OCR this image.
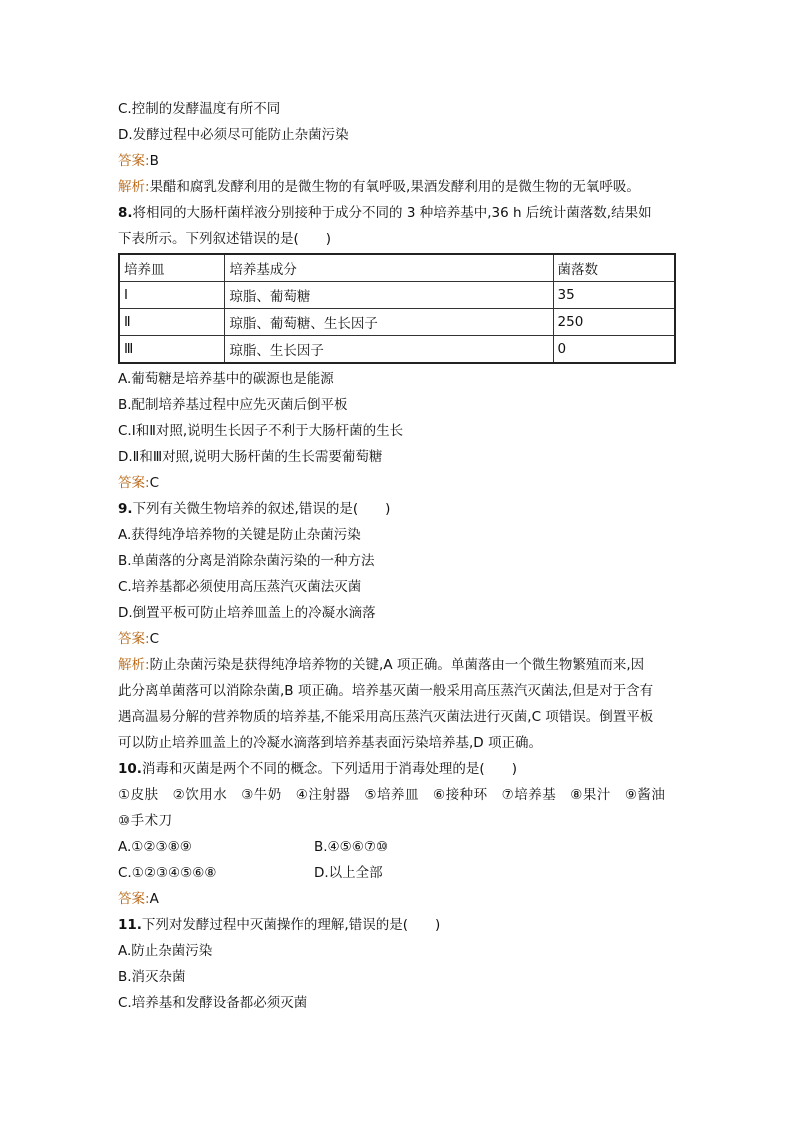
C.控制的发酵温度有所不同
D.发酵过程中必须尽可能防止杂菌污染
答案:B
解析:果醋和腐乳发酵利用的是微生物的有氧呼吸,果酒发酵利用的是微生物的无氧呼吸。
8.将相同的大肠杆菌样液分别接种于成分不同的 3 种培养基中,36 h 后统计菌落数,结果如
下表所示。下列叙述错误的是(　　)
培养皿	培养基成分	菌落数
Ⅰ	琼脂、葡萄糖	35
Ⅱ	琼脂、葡萄糖、生长因子	250
Ⅲ	琼脂、生长因子	0
A.葡萄糖是培养基中的碳源也是能源
B.配制培养基过程中应先灭菌后倒平板
C.Ⅰ和Ⅱ对照,说明生长因子不利于大肠杆菌的生长
D.Ⅱ和Ⅲ对照,说明大肠杆菌的生长需要葡萄糖
答案:C
9.下列有关微生物培养的叙述,错误的是(　　)
A.获得纯净培养物的关键是防止杂菌污染
B.单菌落的分离是消除杂菌污染的一种方法
C.培养基都必须使用高压蒸汽灭菌法灭菌
D.倒置平板可防止培养皿盖上的冷凝水滴落
答案:C
解析:防止杂菌污染是获得纯净培养物的关键,A 项正确。单菌落由一个微生物繁殖而来,因
此分离单菌落可以消除杂菌,B 项正确。培养基灭菌一般采用高压蒸汽灭菌法,但是对于含有
遇高温易分解的营养物质的培养基,不能采用高压蒸汽灭菌法进行灭菌,C 项错误。倒置平板
可以防止培养皿盖上的冷凝水滴落到培养基表面污染培养基,D 项正确。
10.消毒和灭菌是两个不同的概念。下列适用于消毒处理的是(　　)
①皮肤　②饮用水　③牛奶　④注射器　⑤培养皿　⑥接种环　⑦培养基　⑧果汁　⑨酱油
⑩手术刀
A.①②③⑧⑨	B.④⑤⑥⑦⑩
C.①②③④⑤⑥⑧	D.以上全部
答案:A
11.下列对发酵过程中灭菌操作的理解,错误的是(　　)
A.防止杂菌污染
B.消灭杂菌
C.培养基和发酵设备都必须灭菌
